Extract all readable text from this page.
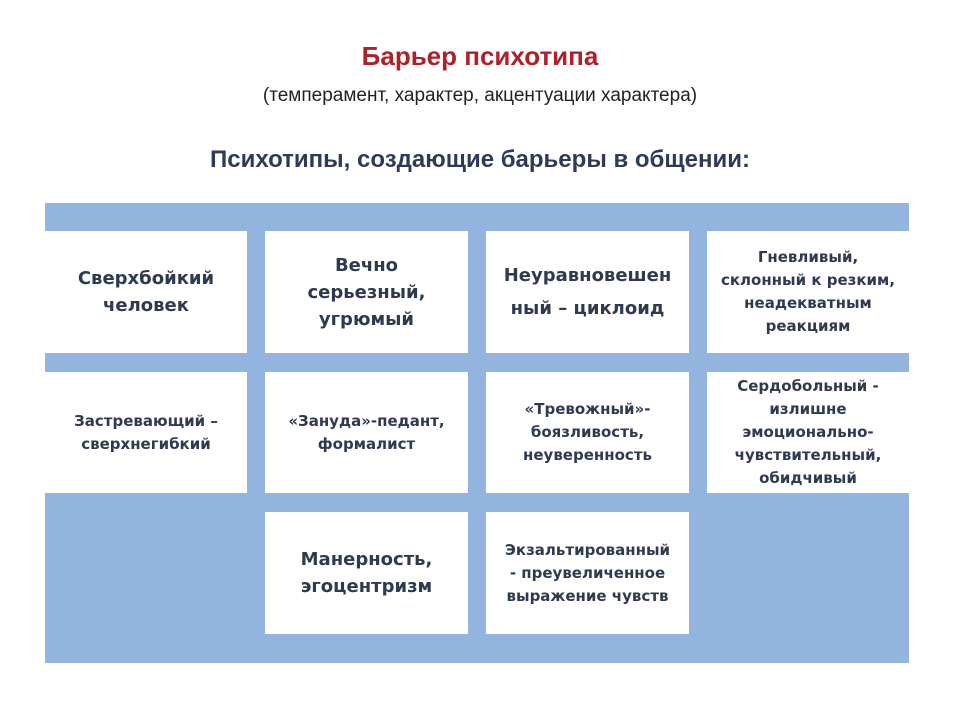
Барьер психотипа
(темперамент, характер, акцентуации характера)
Психотипы, создающие барьеры в общении:
Сверхбойкий
человек
Вечно
серьезный,
угрюмый
Неуравновешен
ный – циклоид
Гневливый,
склонный к резким,
неадекватным
реакциям
Застревающий –
сверхнегибкий
«Зануда»-педант,
формалист
«Тревожный»-
боязливость,
неуверенность
Сердобольный -
излишне
эмоционально-
чувствительный,
обидчивый
Манерность,
эгоцентризм
Экзальтированный
- преувеличенное
выражение чувств
